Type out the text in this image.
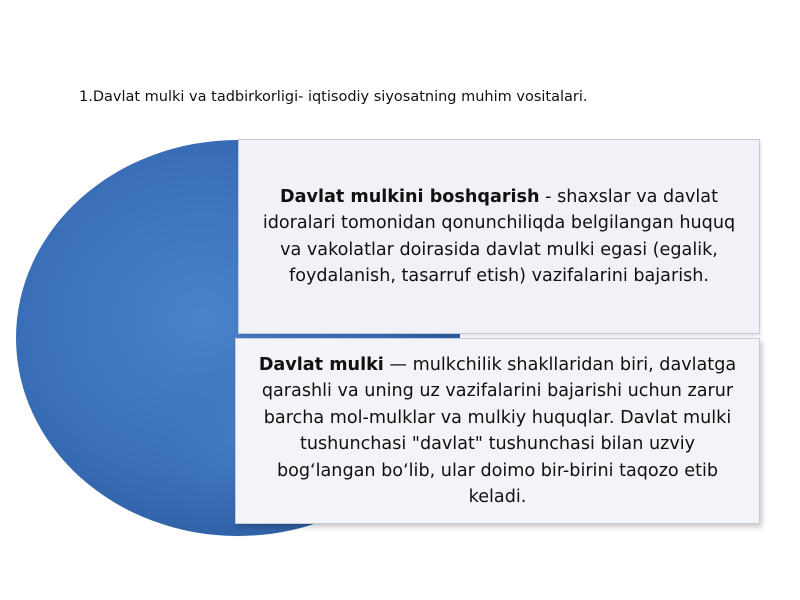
1.Davlat mulki va tadbirkorligi- iqtisodiy siyosatning muhim vositalari.
Davlat mulkini boshqarish - shaxslar va davlat idoralari tomonidan qonunchiliqda belgilangan huquq va vakolatlar doirasida davlat mulki egasi (egalik, foydalanish, tasarruf etish) vazifalarini bajarish.
Davlat mulki — mulkchilik shakllaridan biri, davlatga qarashli va uning uz vazifalarini bajarishi uchun zarur barcha mol-mulklar va mulkiy huquqlar. Davlat mulki tushunchasi "davlat" tushunchasi bilan uzviy bogʻlangan boʻlib, ular doimo bir-birini taqozo etib keladi.
